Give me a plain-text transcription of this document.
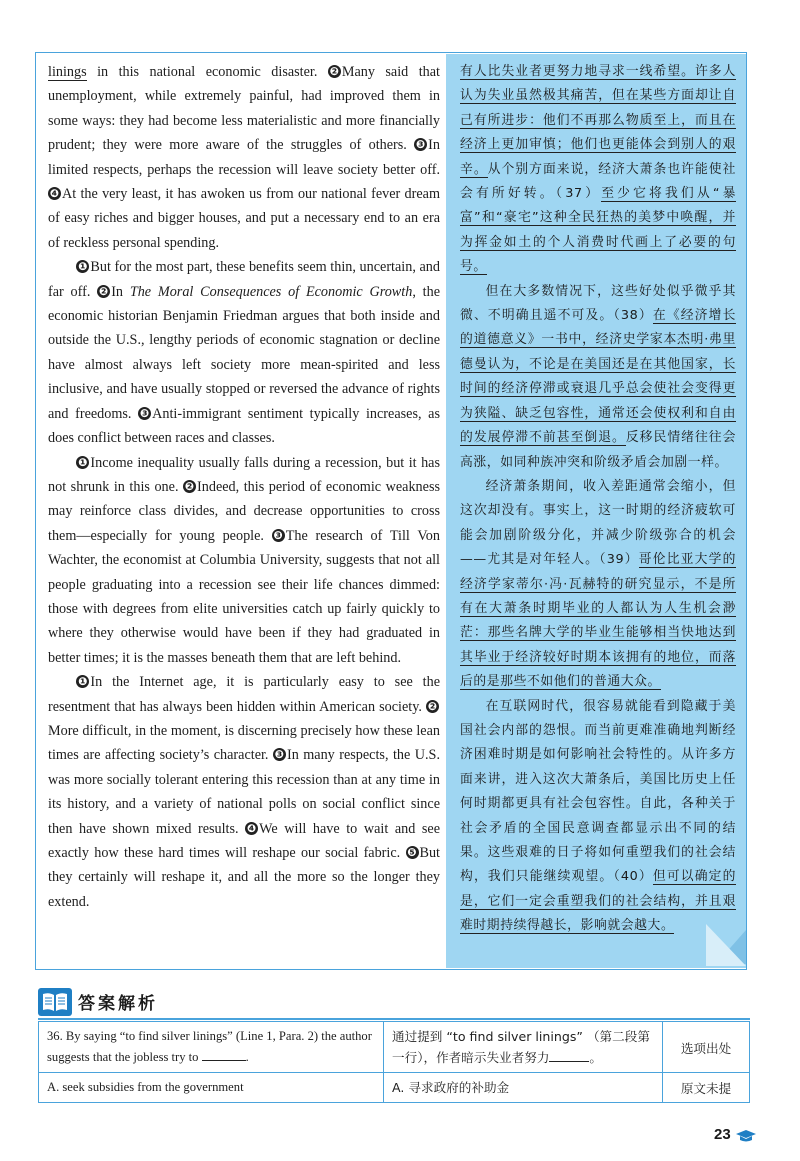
linings in this national economic disaster. ❷ Many said that unemployment, while extremely painful, had improved them in some ways: they had become less materialistic and more financially prudent; they were more aware of the struggles of others. ❸ In limited respects, perhaps the recession will leave society better off. ❹ At the very least, it has awoken us from our national fever dream of easy riches and bigger houses, and put a necessary end to an era of reckless personal spending.

❶ But for the most part, these benefits seem thin, uncertain, and far off. ❷ In The Moral Consequences of Economic Growth, the economic historian Benjamin Friedman argues that both inside and outside the U.S., lengthy periods of economic stagnation or decline have almost always left society more mean-spirited and less inclusive, and have usually stopped or reversed the advance of rights and freedoms. ❸ Anti-immigrant sentiment typically increases, as does conflict between races and classes.

❶ Income inequality usually falls during a recession, but it has not shrunk in this one. ❷ Indeed, this period of economic weakness may reinforce class divides, and decrease opportunities to cross them—especially for young people. ❸ The research of Till Von Wachter, the economist at Columbia University, suggests that not all people graduating into a recession see their life chances dimmed: those with degrees from elite universities catch up fairly quickly to where they otherwise would have been if they had graduated in better times; it is the masses beneath them that are left behind.

❶ In the Internet age, it is particularly easy to see the resentment that has always been hidden within American society. ❷More difficult, in the moment, is discerning precisely how these lean times are affecting society’s character. ❸ In many respects, the U.S. was more socially tolerant entering this recession than at any time in its history, and a variety of national polls on social conflict since then have shown mixed results. ❹ We will have to wait and see exactly how these hard times will reshape our social fabric. ❺ But they certainly will reshape it, and all the more so the longer they extend.

有人比失业者更努力地寻求一线希望。许多人认为失业虽然极其痛苦，但在某些方面却让自己有所进步：他们不再那么物质至上，而且在经济上更加审慎；他们也更能体会到别人的艰辛。从个别方面来说，经济大萧条也许能使社会有所好转。（37）至少它将我们从“暴富”和“豪宅”这种全民狂热的美梦中唤醒，并为挥金如土的个人消费时代画上了必要的句号。

但在大多数情况下，这些好处似乎微乎其微、不明确且遥不可及。（38）在《经济增长的道德意义》一书中，经济史学家本杰明·弗里德曼认为，不论是在美国还是在其他国家，长时间的经济停滞或衰退几乎总会使社会变得更为狭隘、缺乏包容性，通常还会使权利和自由的发展停滞不前甚至倒退。反移民情绪往往会高涨，如同种族冲突和阶级矛盾会加剧一样。

经济萧条期间，收入差距通常会缩小，但这次却没有。事实上，这一时期的经济疲软可能会加剧阶级分化，并减少阶级弥合的机会——尤其是对年轻人。（39）哥伦比亚大学的经济学家蒂尔·冯·瓦赫特的研究显示，不是所有在大萧条时期毕业的人都认为人生机会渺茫：那些名牌大学的毕业生能够相当快地达到其毕业于经济较好时期本该拥有的地位，而落后的是那些不如他们的普通大众。

在互联网时代，很容易就能看到隐藏于美国社会内部的怨恨。而当前更难准确地判断经济困难时期是如何影响社会特性的。从许多方面来讲，进入这次大萧条后，美国比历史上任何时期都更具有社会包容性。自此，各种关于社会矛盾的全国民意调查都显示出不同的结果。这些艰难的日子将如何重塑我们的社会结构，我们只能继续观望。（40）但可以确定的是，它们一定会重塑我们的社会结构，并且艰难时期持续得越长，影响就会越大。

答案解析
36. By saying “to find silver linings” (Line 1, Para. 2) the author suggests that the jobless try to .	通过提到 “to find silver linings” （第二段第一行），作者暗示失业者努力 。	选项出处
A. seek subsidies from the government	A. 寻求政府的补助金	原文未提
23
